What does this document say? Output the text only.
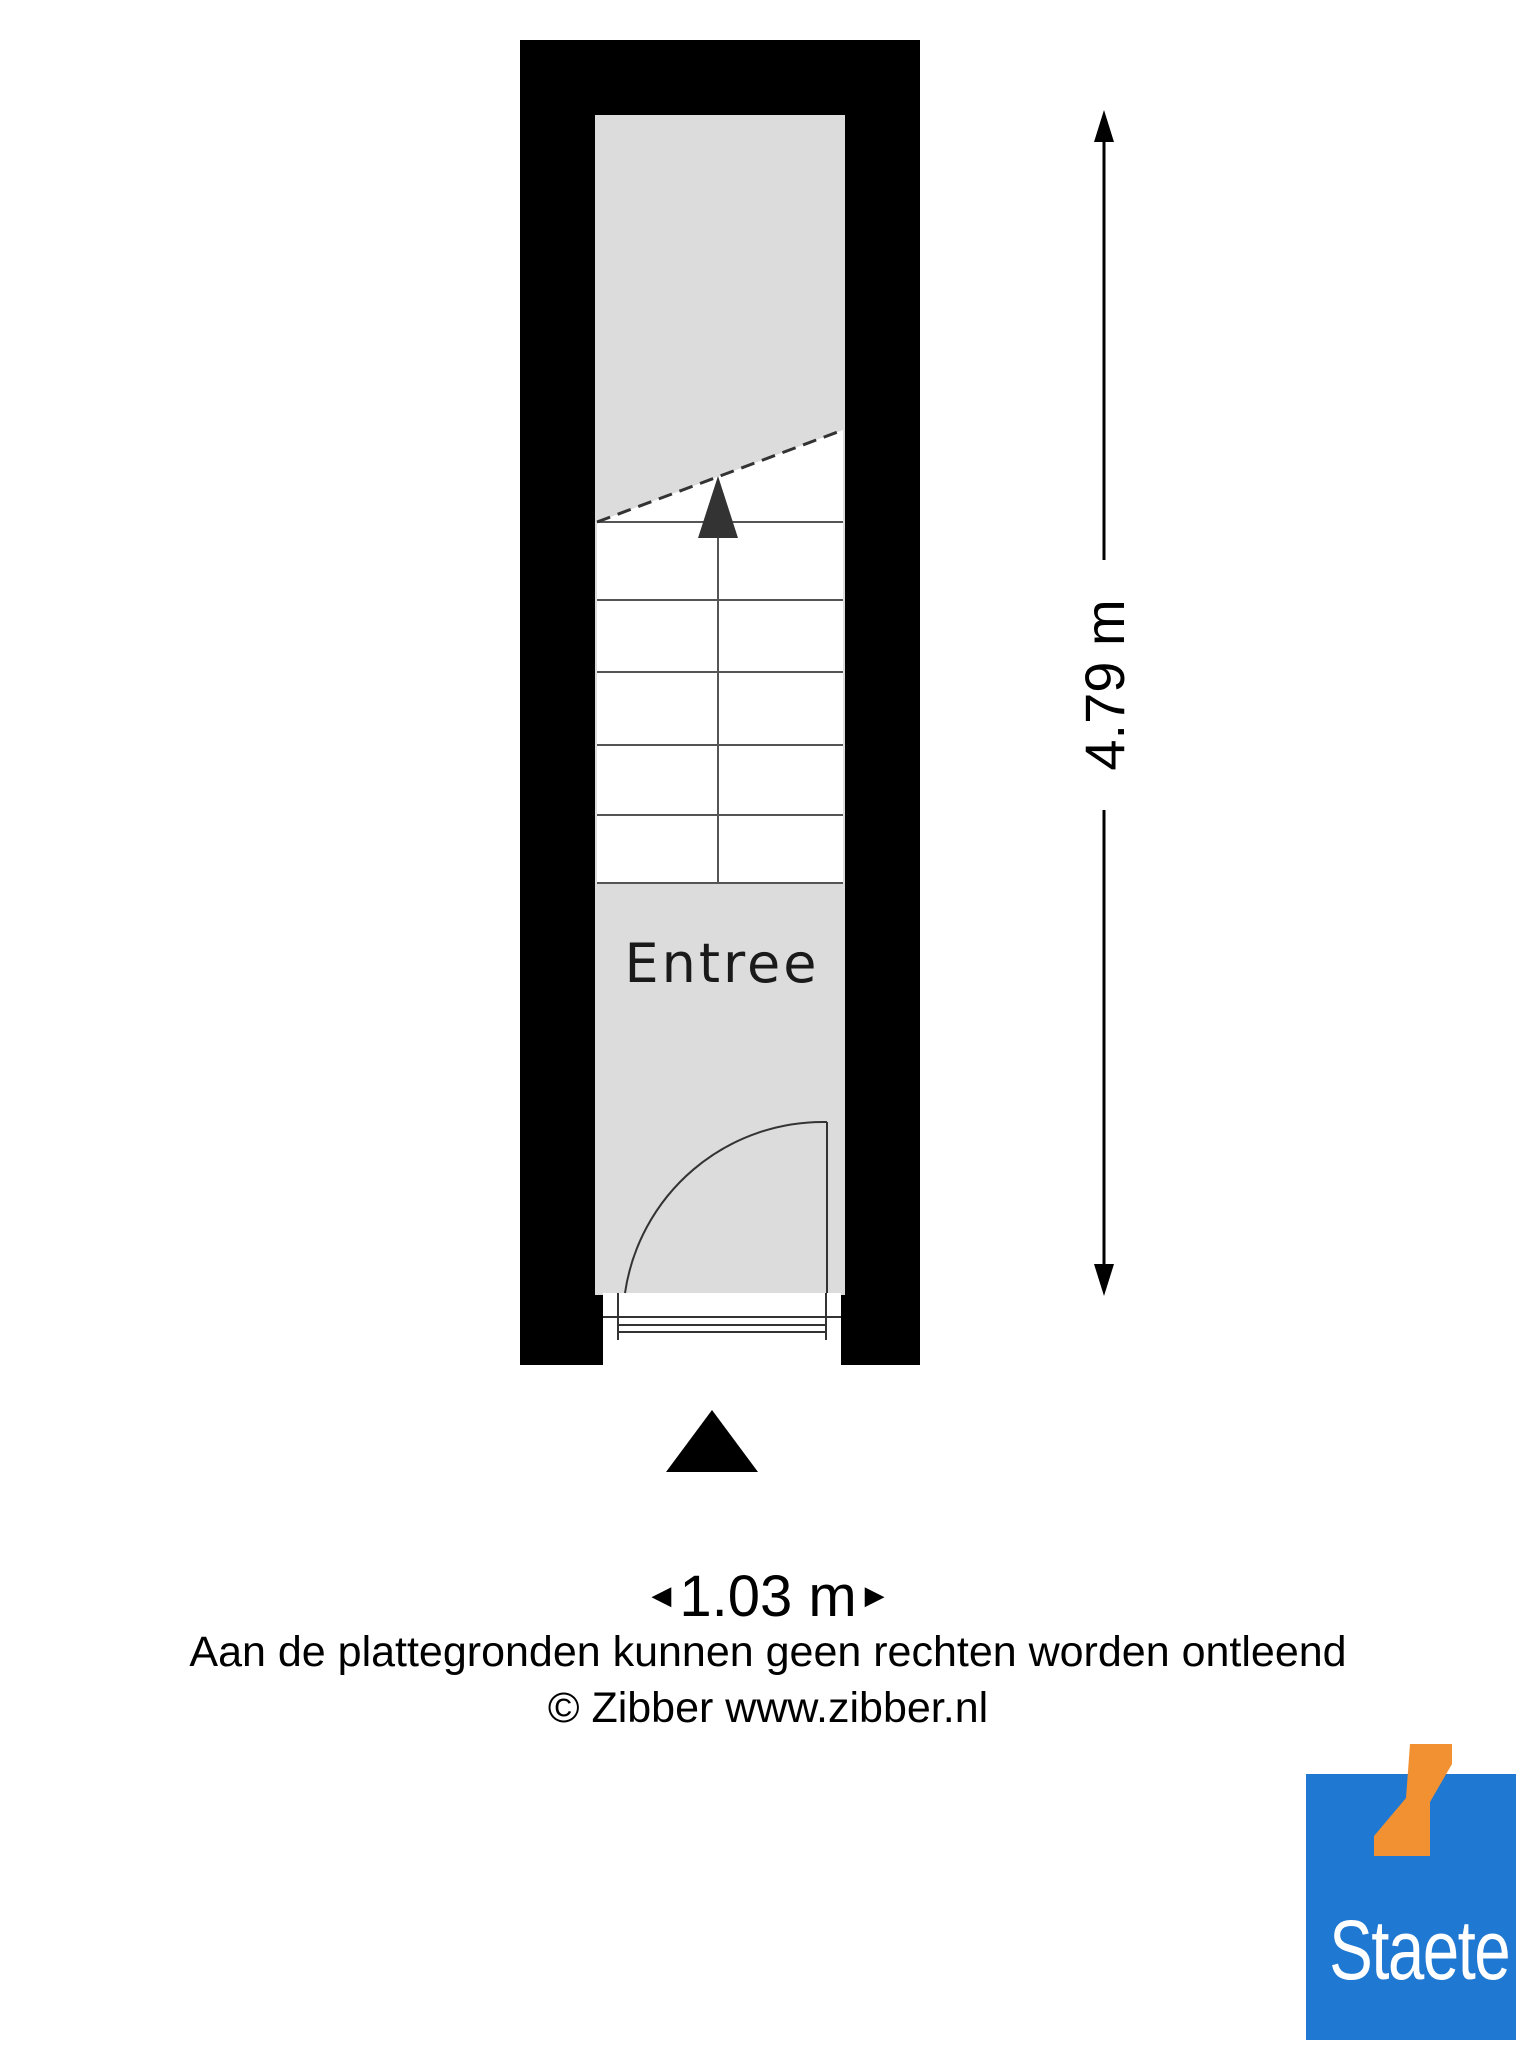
Entree
4.79 m
◀ 1.03 m ▶
Aan de plattegronden kunnen geen rechten worden ontleend
© Zibber www.zibber.nl
Staete
